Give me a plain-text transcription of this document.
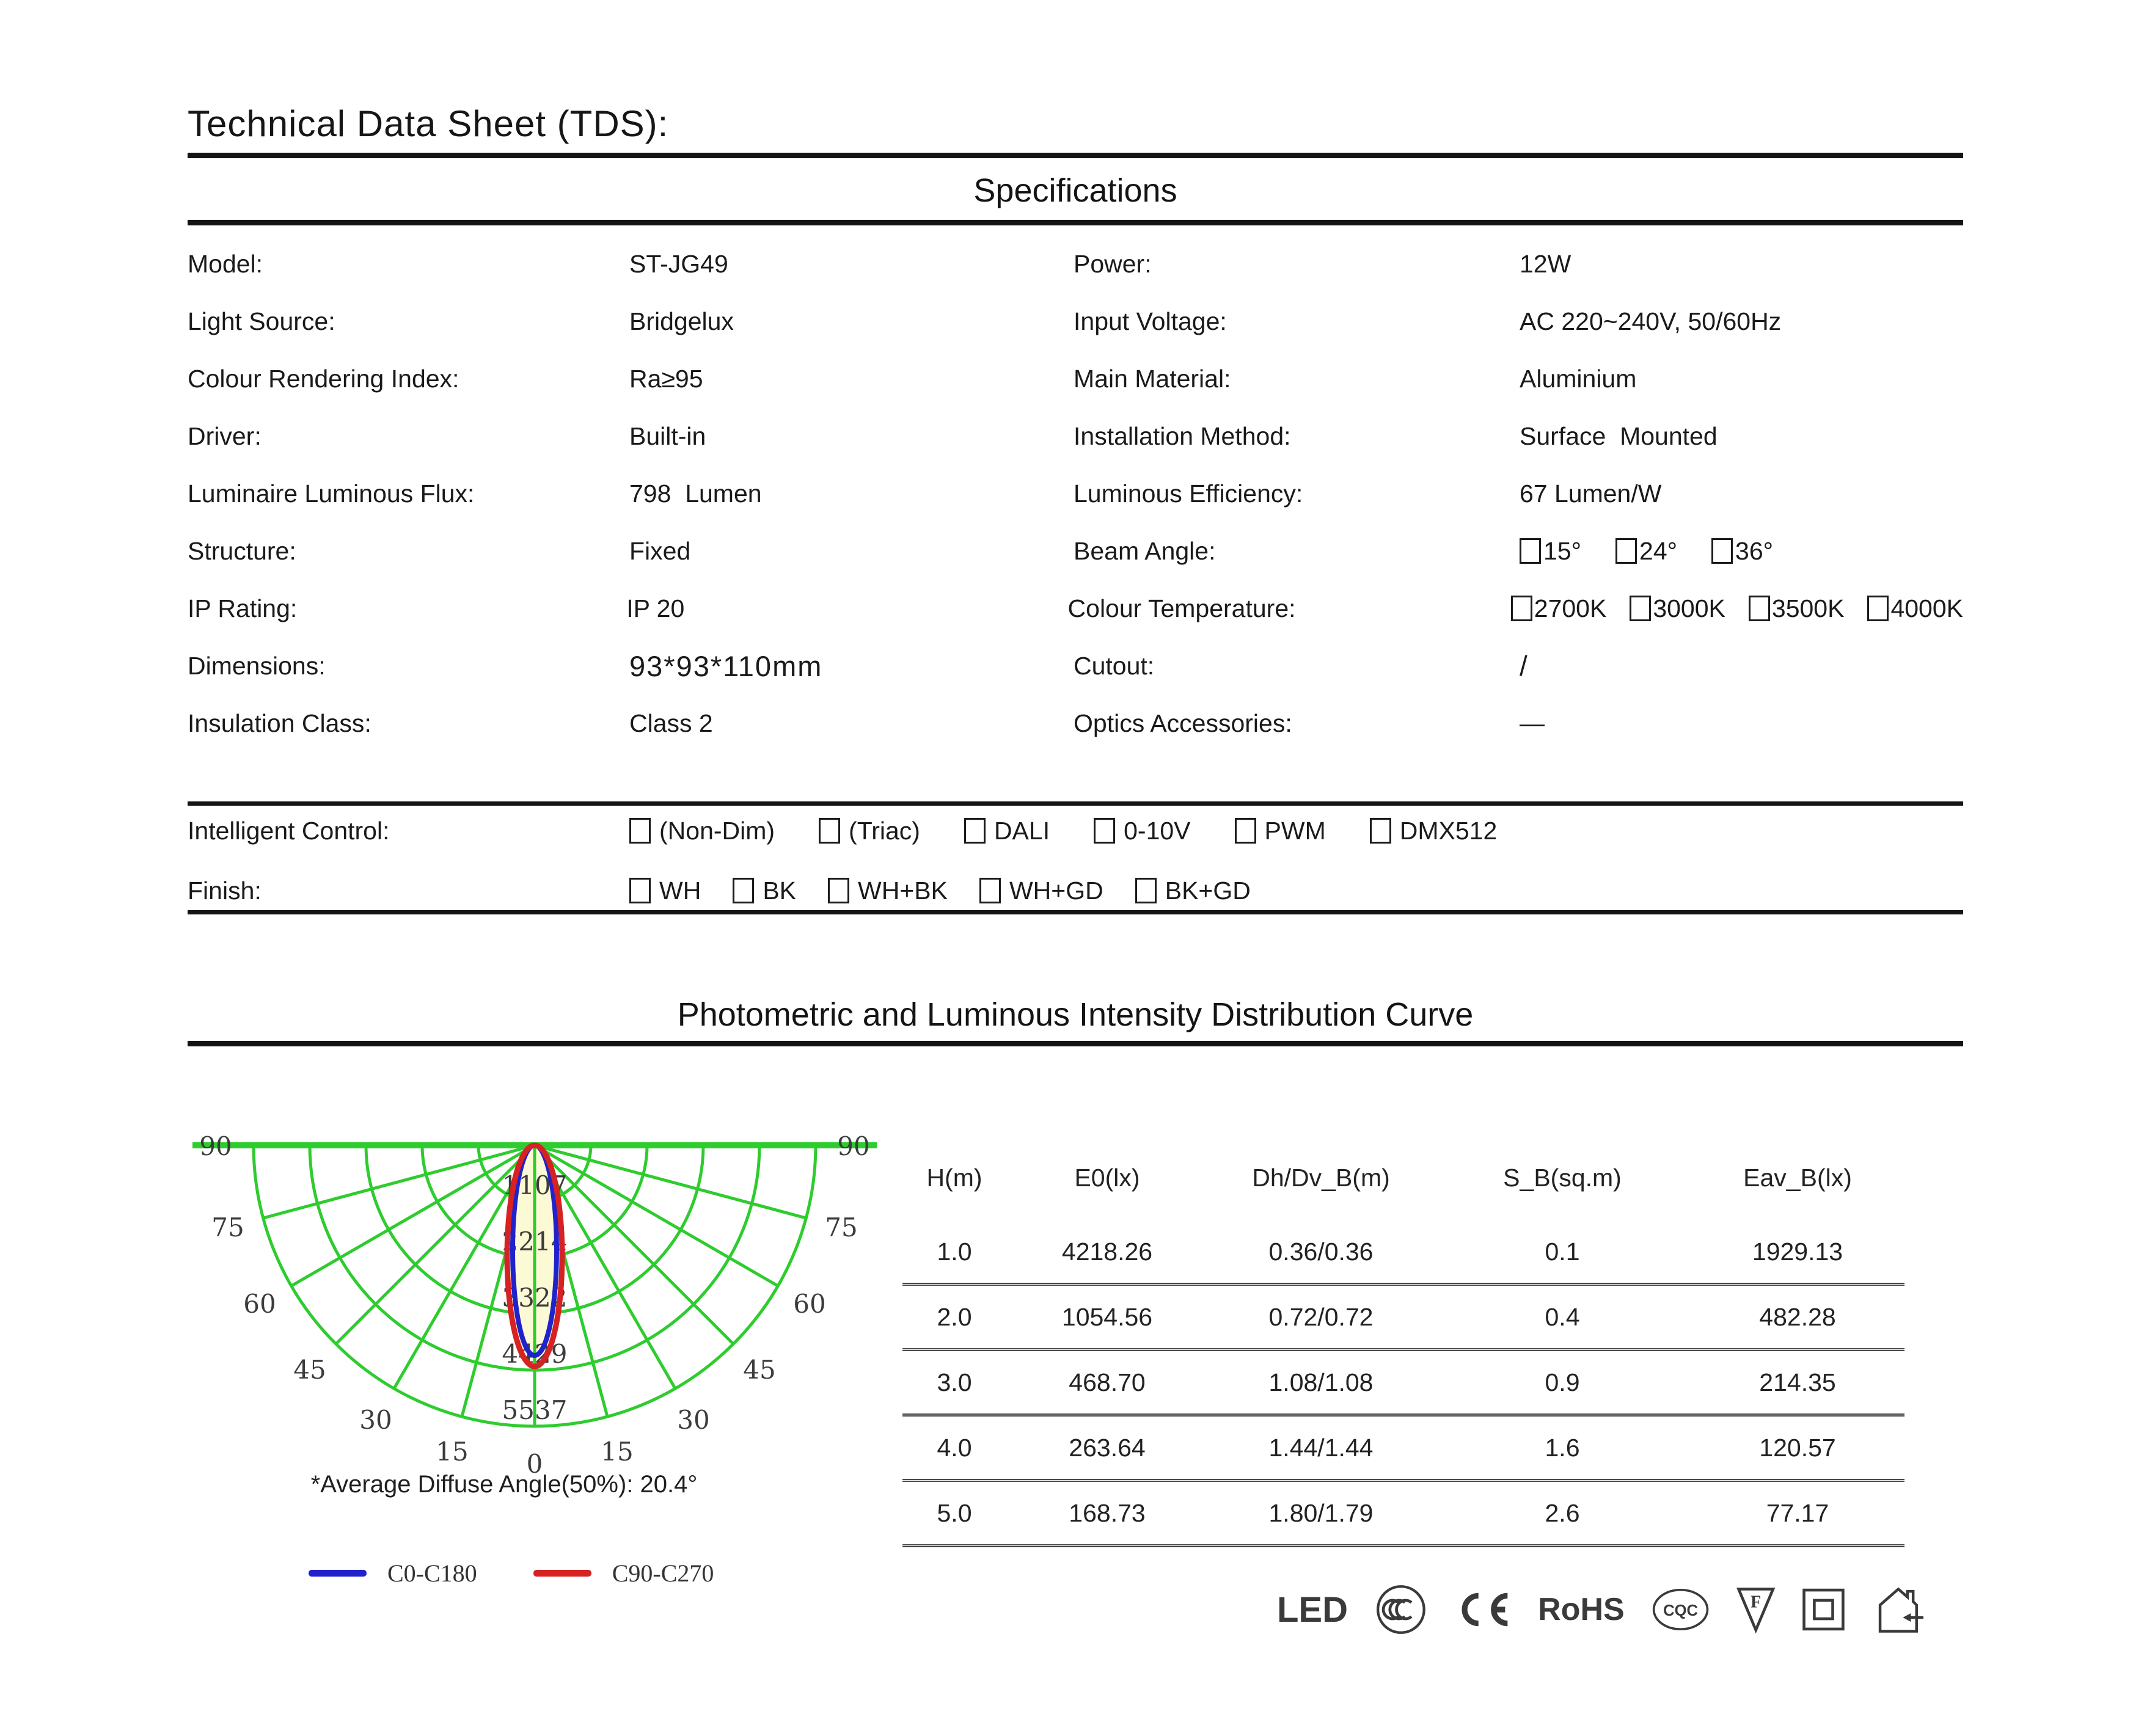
Technical Data Sheet (TDS):
Specifications
Model:	ST-JG49	Power:	12W
Light Source:	Bridgelux	Input Voltage:	AC 220~240V, 50/60Hz
Colour Rendering Index:	Ra≥95	Main Material:	Aluminium
Driver:	Built-in	Installation Method:	Surface  Mounted
Luminaire Luminous Flux:	798  Lumen	Luminous Efficiency:	67 Lumen/W
Structure:	Fixed	Beam Angle:	15° 24° 36°
IP Rating:	IP 20	Colour Temperature:	2700K 3000K 3500K 4000K
Dimensions:	93*93*110mm	Cutout:	/
Insulation Class:	Class 2	Optics Accessories:	—
Intelligent Control:	(Non-Dim)	(Triac)	DALI	0-10V	PWM	DMX512
Finish:	WH BK WH+BK WH+GD BK+GD
Photometric and Luminous Intensity Distribution Curve
1107
2214
3322
4429
5537
90	90
75	75
60	60
45	45
30	30
15	15
0
*Average Diffuse Angle(50%): 20.4°
C0-C180	C90-C270
H(m)	E0(lx)	Dh/Dv_B(m)	S_B(sq.m)	Eav_B(lx)
1.0	4218.26	0.36/0.36	0.1	1929.13
2.0	1054.56	0.72/0.72	0.4	482.28
3.0	468.70	1.08/1.08	0.9	214.35
4.0	263.64	1.44/1.44	1.6	120.57
5.0	168.73	1.80/1.79	2.6	77.17
LED	RoHS	CQC	F
